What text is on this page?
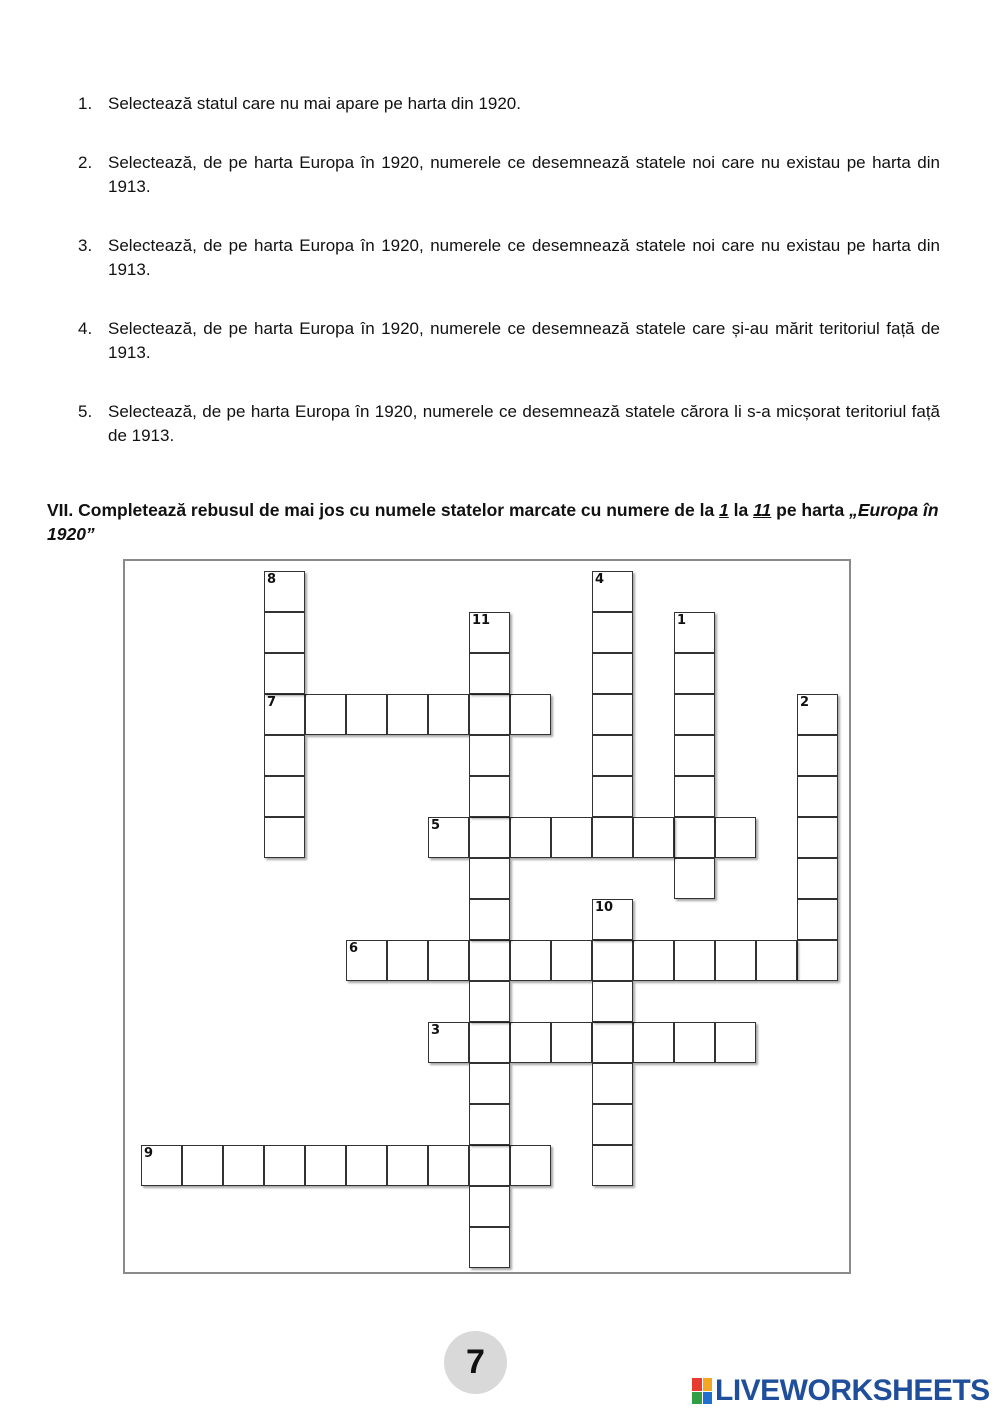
1. Selectează statul care nu mai apare pe harta din 1920.
2. Selectează, de pe harta Europa în 1920, numerele ce desemnează statele noi care nu existau pe harta din 1913.
3. Selectează, de pe harta Europa în 1920, numerele ce desemnează statele noi care nu existau pe harta din 1913.
4. Selectează, de pe harta Europa în 1920, numerele ce desemnează statele care și-au mărit teritoriul față de 1913.
5. Selectează, de pe harta Europa în 1920, numerele ce desemnează statele cărora li s-a micșorat teritoriul față de 1913.
VII. Completează rebusul de mai jos cu numele statelor marcate cu numere de la 1 la 11 pe harta „Europa în 1920”
1
2
3
4
5
6
7
8
9
10
11
7
LIVEWORKSHEETS
